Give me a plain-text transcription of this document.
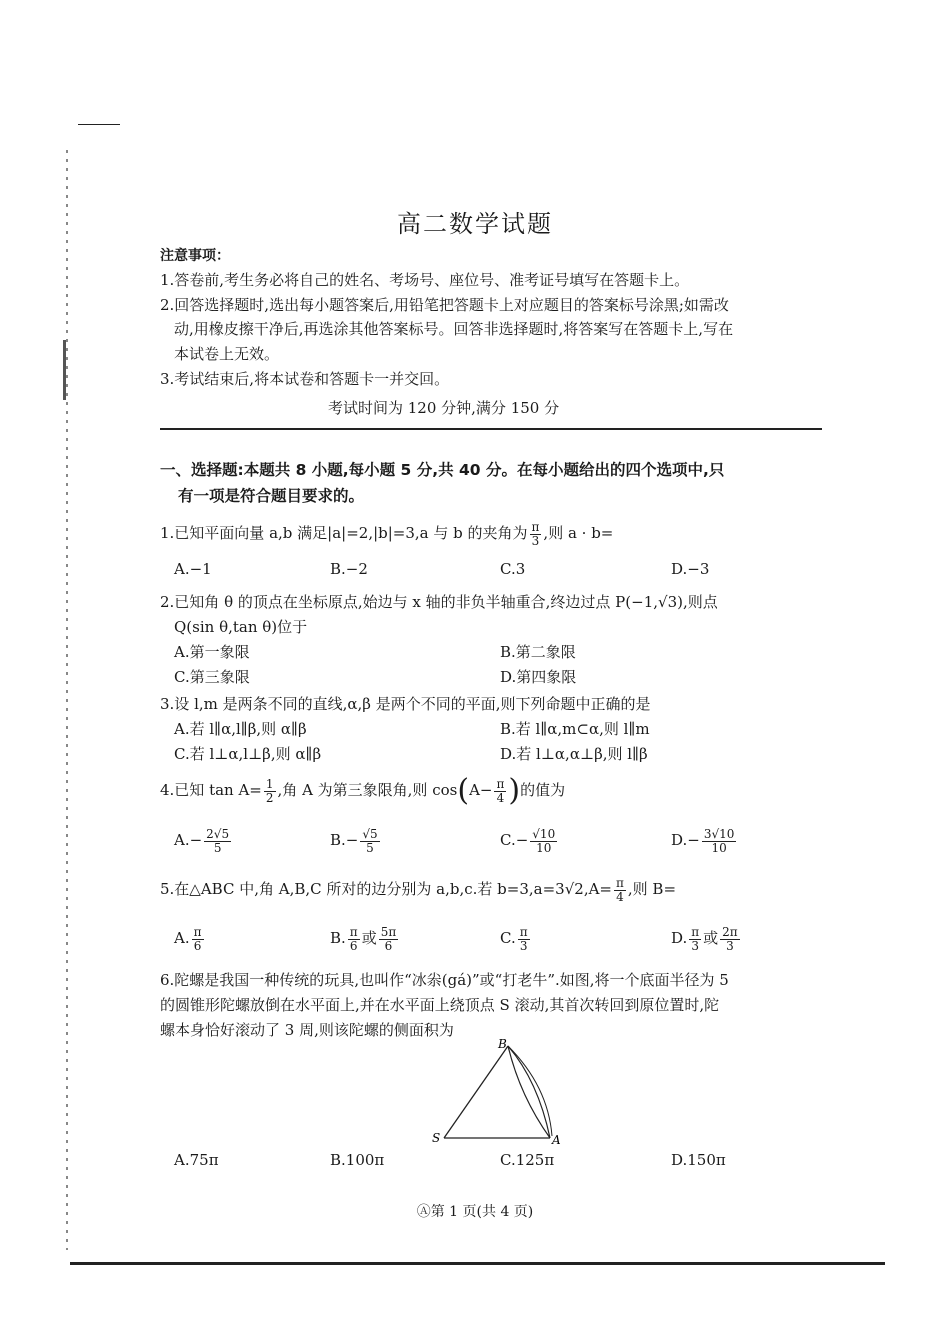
高二数学试题
注意事项：
1.答卷前,考生务必将自己的姓名、考场号、座位号、准考证号填写在答题卡上。
2.回答选择题时,选出每小题答案后,用铅笔把答题卡上对应题目的答案标号涂黑;如需改
动,用橡皮擦干净后,再选涂其他答案标号。回答非选择题时,将答案写在答题卡上,写在
本试卷上无效。
3.考试结束后,将本试卷和答题卡一并交回。
考试时间为 120 分钟,满分 150 分
一、选择题:本题共 8 小题,每小题 5 分,共 40 分。在每小题给出的四个选项中,只
有一项是符合题目要求的。
1.已知平面向量 a,b 满足|a|=2,|b|=3,a 与 b 的夹角为 $\frac{\pi}{3}$ ,则 a · b=
A.−1	B.−2	C.3	D.−3
2.已知角 θ 的顶点在坐标原点,始边与 x 轴的非负半轴重合,终边过点 P(−1,√3),则点
Q(sin θ,tan θ)位于
A.第一象限	B.第二象限
C.第三象限	D.第四象限
3.设 l,m 是两条不同的直线,α,β 是两个不同的平面,则下列命题中正确的是
A.若 l∥α,l∥β,则 α∥β	B.若 l∥α,m⊂α,则 l∥m
C.若 l⊥α,l⊥β,则 α∥β	D.若 l⊥α,α⊥β,则 l∥β
4.已知 $\tan A= \frac{1}{2}$ ,角 A 为第三象限角,则 $\cos(A- \frac{\pi}{4}$ )的值为
$A.- \frac{2√5}{5}$	$B.- \frac{√5}{5}$	$C.- \frac{√10}{10}$	$D.- \frac{3√10}{10}$
5.在△ABC 中,角 A,B,C 所对的边分别为 a,b,c.若 $b=3,a=3√2,A= \frac{\pi}{4}$ ,则 B=
A. $\frac{\pi}{6}$	B. $\frac{\pi}{6}$ 或 $\frac{5\pi}{6}$	C. $\frac{\pi}{3}$	D. $\frac{\pi}{3}$ 或 $\frac{2\pi}{3}$
6.陀螺是我国一种传统的玩具,也叫作“冰尜(gá)”或“打老牛”.如图,将一个底面半径为 5
的圆锥形陀螺放倒在水平面上,并在水平面上绕顶点 S 滚动,其首次转回到原位置时,陀
螺本身恰好滚动了 3 周,则该陀螺的侧面积为
B
S	A
A.75π	B.100π	C.125π	D.150π
Ⓐ第 1 页(共 4 页)
